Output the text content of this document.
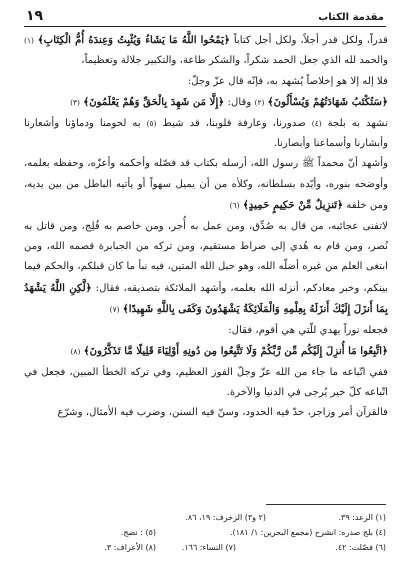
مقدمة الكتاب
١٩

قدراً، ولكل قدر أجلاً، ولكل أجل كتاباً ﴿يَمْحُوا اللَّهُ مَا يَشَاءُ وَيُثْبِتُ وَعِندَهُ أُمُّ الْكِتَابِ﴾ (١) والحمد لله الذي جعل الحمد شكراً، والشكر طاعة، والتكبير جلالة وتعظيماً،

فلا إله إلا هو إخلاصاً يُشهد به، فإنّه قال عزّ وجلّ:

﴿سَتُكْتَبُ شَهَادَتُهُمْ وَيُسْأَلُونَ﴾ (٢) وقال: ﴿إِلَّا مَن شَهِدَ بِالْحَقِّ وَهُمْ يَعْلَمُونَ﴾ (٣)

نشهد به بلجة (٤) صدورنا، وعارفة قلوبنا، قد شيط (٥) به لحومنا ودماؤنا وأشعارنا وأبشارنا وأسماعنا وأبصارنا.

وأشهد أنّ محمداً ﷺ رسول الله، أرسله بكتاب قد فصّله وأحكمه وأعزّه، وحفظه بعلمه، وأوضحه بنوره، وأيّده بسلطانه، وكلأه من أن يميل سهواً أو يأتيه الباطل من بين يديه، ومن خلفه ﴿تَنزِيلٌ مِّنْ حَكِيمٍ حَمِيدٍ﴾ (٦)

لاتفنى عجائبه، من قال به صُدِّق، ومن عمل به أُجر، ومن خاصم به فُلِج، ومن قاتل به نُصر، ومن قام به هُدي إلى صراط مستقيم، ومن تركه من الجبابرة قصمه الله، ومن ابتغى العلم من غيره أضلّه الله، وهو حبل الله المتين، فيه نبأ ما كان قبلكم، والحكم فيما بينكم، وخبر معادكم، أنزله الله بعلمه، وأشهد الملائكة بتصديقه، فقال: ﴿لَّكِنِ اللَّهُ يَشْهَدُ بِمَا أَنزَلَ إِلَيْكَ أَنزَلَهُ بِعِلْمِهِ وَالْمَلَائِكَةُ يَشْهَدُونَ وَكَفَى بِاللَّهِ شَهِيدًا﴾ (٧)

فجعله نوراً يهدي للّتي هي أقوم، فقال:

﴿اتَّبِعُوا مَا أُنزِلَ إِلَيْكُم مِّن رَّبِّكُمْ وَلَا تَتَّبِعُوا مِن دُونِهِ أَوْلِيَاءَ قَلِيلًا مَّا تَذَكَّرُونَ﴾ (٨)

ففي اتّباعه ما جاء من الله عزّ وجلّ الفوز العظيم، وفي تركه الخطأ المبين، فجعل في اتّباعه كلّ خير يُرجى في الدنيا والآخرة.

فالقرآن أمر وزاجر، حدّ فيه الحدود، وسنّ فيه السنن، وضرب فيه الأمثال، وشرّع

(١) الرعد: ٣٩.
(٢ و٣) الزخرف: ١٩، ٨٦.
(٤) بلج صدره: انشرح (مجمع البحرين: ١/ ١٨١).
(٥) : نضج.
(٦) فصّلت: ٤٢.
(٧) النساء: ١٦٦.
(٨) الأعراف: ٣.
